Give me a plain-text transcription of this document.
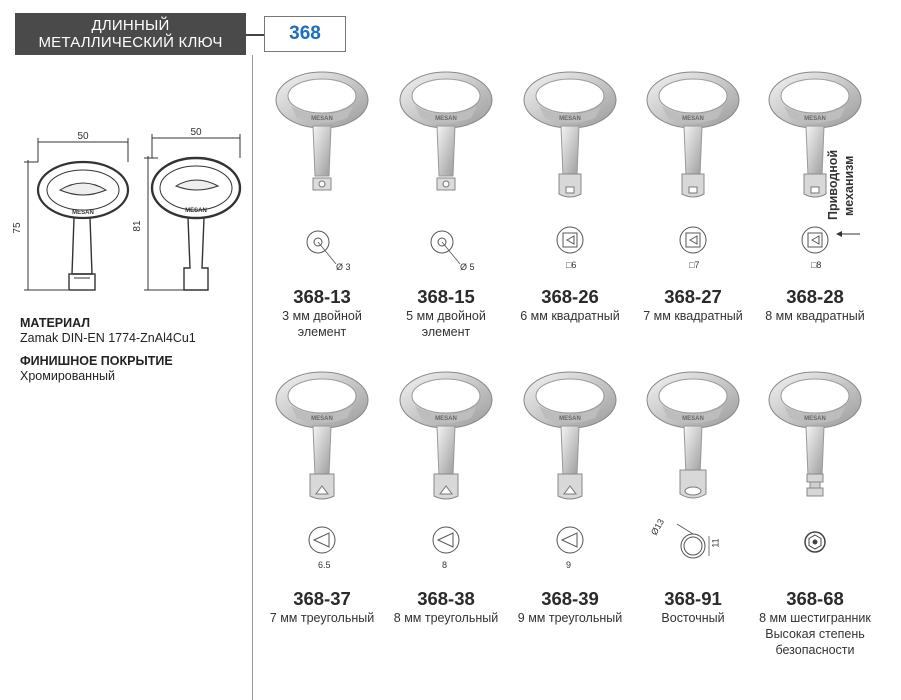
ДЛИННЫЙ
МЕТАЛЛИЧЕСКИЙ КЛЮЧ	368
MESAN	MESAN
50	50
75	81
МАТЕРИАЛ
Zamak DIN-EN 1774-ZnAl4Cu1
ФИНИШНОЕ ПОКРЫТИЕ
Хромированный
Приводной механизм
MESAN
Ø 3
368-13
3 мм двойной
элемент
MESAN
Ø 5
368-15
5 мм двойной
элемент
MESAN
□6
368-26
6 мм квадратный
MESAN
□7
368-27
7 мм квадратный
MESAN
□8
368-28
8 мм квадратный
MESAN
6.5
368-37
7 мм треугольный
MESAN
8
368-38
8 мм треугольный
MESAN
9
368-39
9 мм треугольный
MESAN
Ø13
11
368-91
Восточный
MESAN
368-68
8 мм шестигранник
Высокая степень
безопасности
